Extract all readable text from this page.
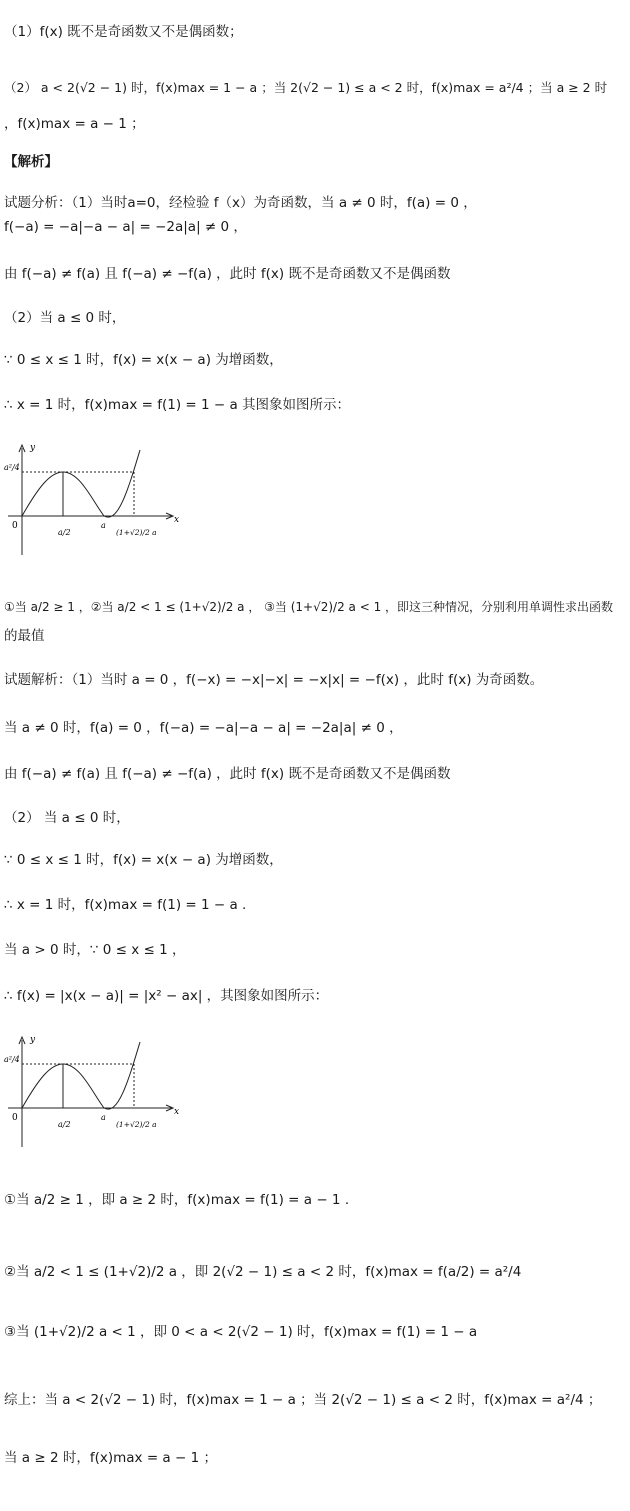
（1）f(x) 既不是奇函数又不是偶函数；
（2） a < 2(√2 − 1) 时，f(x)max = 1 − a ；当 2(√2 − 1) ≤ a < 2 时，f(x)max = a²/4 ；当 a ≥ 2 时
，f(x)max = a − 1 ；
【解析】
试题分析：（1）当时a=0，经检验 f（x）为奇函数，当 a ≠ 0 时，f(a) = 0 ，
f(−a) = −a|−a − a| = −2a|a| ≠ 0 ，
由 f(−a) ≠ f(a) 且 f(−a) ≠ −f(a) ，此时 f(x) 既不是奇函数又不是偶函数
（2）当 a ≤ 0 时，
∵ 0 ≤ x ≤ 1 时，f(x) = x(x − a) 为增函数，
∴ x = 1 时，f(x)max = f(1) = 1 − a 其图象如图所示：
y
x
0
a²/4
a/2
a
(1+√2)/2 a
①当 a/2 ≥ 1 ，②当 a/2 < 1 ≤ (1+√2)/2 a ， ③当 (1+√2)/2 a < 1 ，即这三种情况，分别利用单调性求出函数
的最值
试题解析：（1）当时 a = 0 ，f(−x) = −x|−x| = −x|x| = −f(x) ，此时 f(x) 为奇函数。
当 a ≠ 0 时，f(a) = 0 ，f(−a) = −a|−a − a| = −2a|a| ≠ 0 ，
由 f(−a) ≠ f(a) 且 f(−a) ≠ −f(a) ，此时 f(x) 既不是奇函数又不是偶函数
（2） 当 a ≤ 0 时，
∵ 0 ≤ x ≤ 1 时，f(x) = x(x − a) 为增函数，
∴ x = 1 时，f(x)max = f(1) = 1 − a .
当 a > 0 时，∵ 0 ≤ x ≤ 1 ，
∴ f(x) = |x(x − a)| = |x² − ax| ，其图象如图所示：
y
x
0
a²/4
a/2
a
(1+√2)/2 a
①当 a/2 ≥ 1 ，即 a ≥ 2 时，f(x)max = f(1) = a − 1 .
②当 a/2 < 1 ≤ (1+√2)/2 a ，即 2(√2 − 1) ≤ a < 2 时，f(x)max = f(a/2) = a²/4
③当 (1+√2)/2 a < 1 ，即 0 < a < 2(√2 − 1) 时，f(x)max = f(1) = 1 − a
综上：当 a < 2(√2 − 1) 时，f(x)max = 1 − a ；当 2(√2 − 1) ≤ a < 2 时，f(x)max = a²/4 ；
当 a ≥ 2 时，f(x)max = a − 1 ；
